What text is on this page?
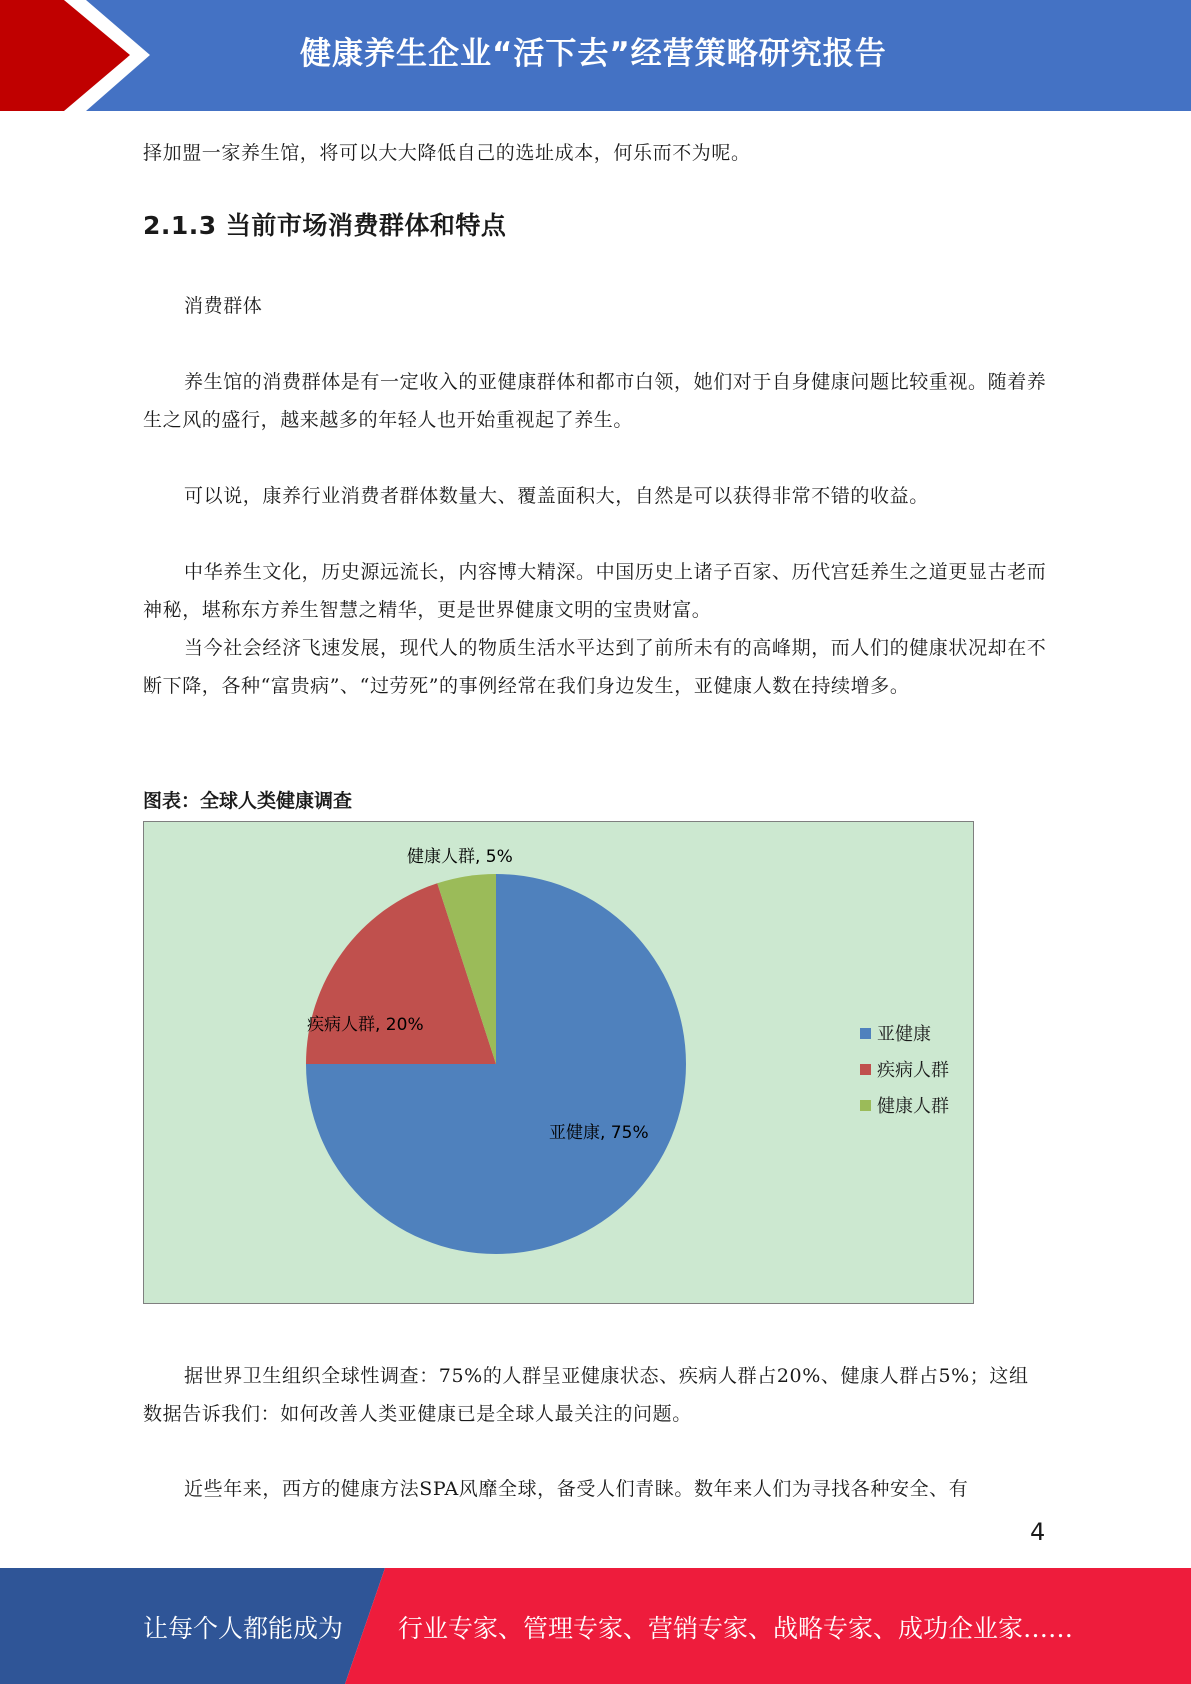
健康养生企业“活下去”经营策略研究报告
择加盟一家养生馆，将可以大大降低自己的选址成本，何乐而不为呢。
2.1.3 当前市场消费群体和特点
消费群体
养生馆的消费群体是有一定收入的亚健康群体和都市白领，她们对于自身健康问题比较重视。随着养生之风的盛行，越来越多的年轻人也开始重视起了养生。
可以说，康养行业消费者群体数量大、覆盖面积大，自然是可以获得非常不错的收益。
中华养生文化，历史源远流长，内容博大精深。中国历史上诸子百家、历代宫廷养生之道更显古老而神秘，堪称东方养生智慧之精华，更是世界健康文明的宝贵财富。
当今社会经济飞速发展，现代人的物质生活水平达到了前所未有的高峰期，而人们的健康状况却在不断下降，各种“富贵病”、“过劳死”的事例经常在我们身边发生，亚健康人数在持续增多。
图表：全球人类健康调查
据世界卫生组织全球性调查：75%的人群呈亚健康状态、疾病人群占20%、健康人群占5%；这组数据告诉我们：如何改善人类亚健康已是全球人最关注的问题。
近些年来，西方的健康方法SPA风靡全球，备受人们青睐。数年来人们为寻找各种安全、有
亚健康, 75%
疾病人群, 20%
健康人群, 5%
亚健康
疾病人群
健康人群
4
让每个人都能成为 行业专家、管理专家、营销专家、战略专家、成功企业家……
